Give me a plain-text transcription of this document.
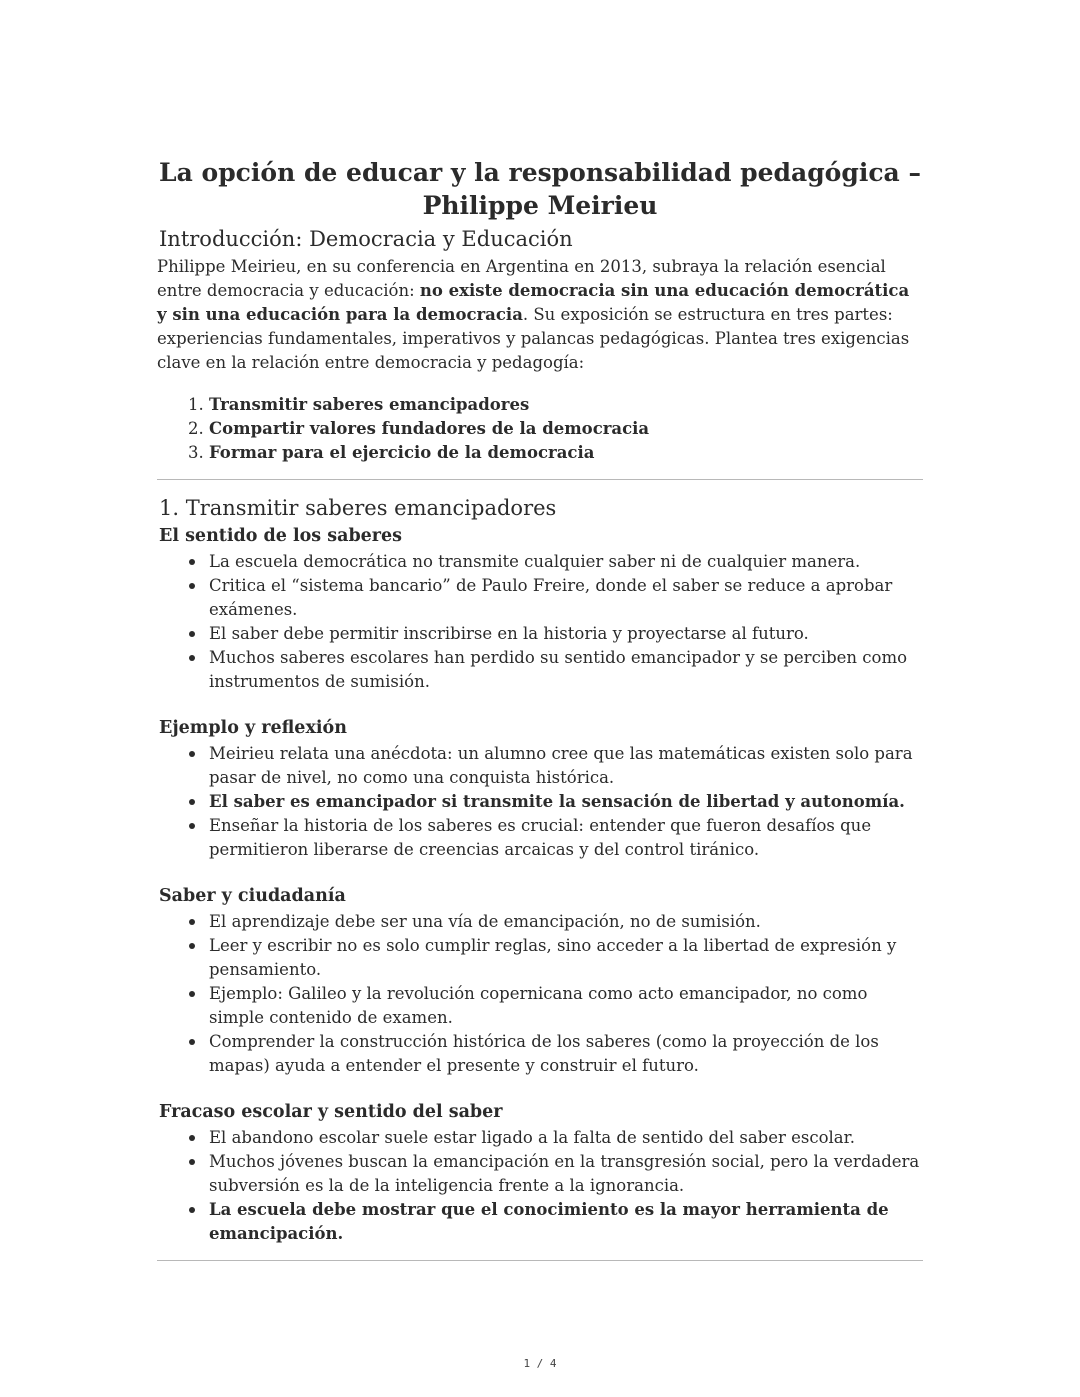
La opción de educar y la responsabilidad pedagógica – Philippe Meirieu
Introducción: Democracia y Educación

Philippe Meirieu, en su conferencia en Argentina en 2013, subraya la relación esencial entre democracia y educación: no existe democracia sin una educación democrática y sin una educación para la democracia. Su exposición se estructura en tres partes: experiencias fundamentales, imperativos y palancas pedagógicas. Plantea tres exigencias clave en la relación entre democracia y pedagogía:

1. Transmitir saberes emancipadores
2. Compartir valores fundadores de la democracia
3. Formar para el ejercicio de la democracia
1. Transmitir saberes emancipadores
El sentido de los saberes
La escuela democrática no transmite cualquier saber ni de cualquier manera.
Critica el “sistema bancario” de Paulo Freire, donde el saber se reduce a aprobar exámenes.
El saber debe permitir inscribirse en la historia y proyectarse al futuro.
Muchos saberes escolares han perdido su sentido emancipador y se perciben como instrumentos de sumisión.
Ejemplo y reflexión
Meirieu relata una anécdota: un alumno cree que las matemáticas existen solo para pasar de nivel, no como una conquista histórica.
El saber es emancipador si transmite la sensación de libertad y autonomía.
Enseñar la historia de los saberes es crucial: entender que fueron desafíos que permitieron liberarse de creencias arcaicas y del control tiránico.
Saber y ciudadanía
El aprendizaje debe ser una vía de emancipación, no de sumisión.
Leer y escribir no es solo cumplir reglas, sino acceder a la libertad de expresión y pensamiento.
Ejemplo: Galileo y la revolución copernicana como acto emancipador, no como simple contenido de examen.
Comprender la construcción histórica de los saberes (como la proyección de los mapas) ayuda a entender el presente y construir el futuro.
Fracaso escolar y sentido del saber
El abandono escolar suele estar ligado a la falta de sentido del saber escolar.
Muchos jóvenes buscan la emancipación en la transgresión social, pero la verdadera subversión es la de la inteligencia frente a la ignorancia.
La escuela debe mostrar que el conocimiento es la mayor herramienta de emancipación.
1 / 4
